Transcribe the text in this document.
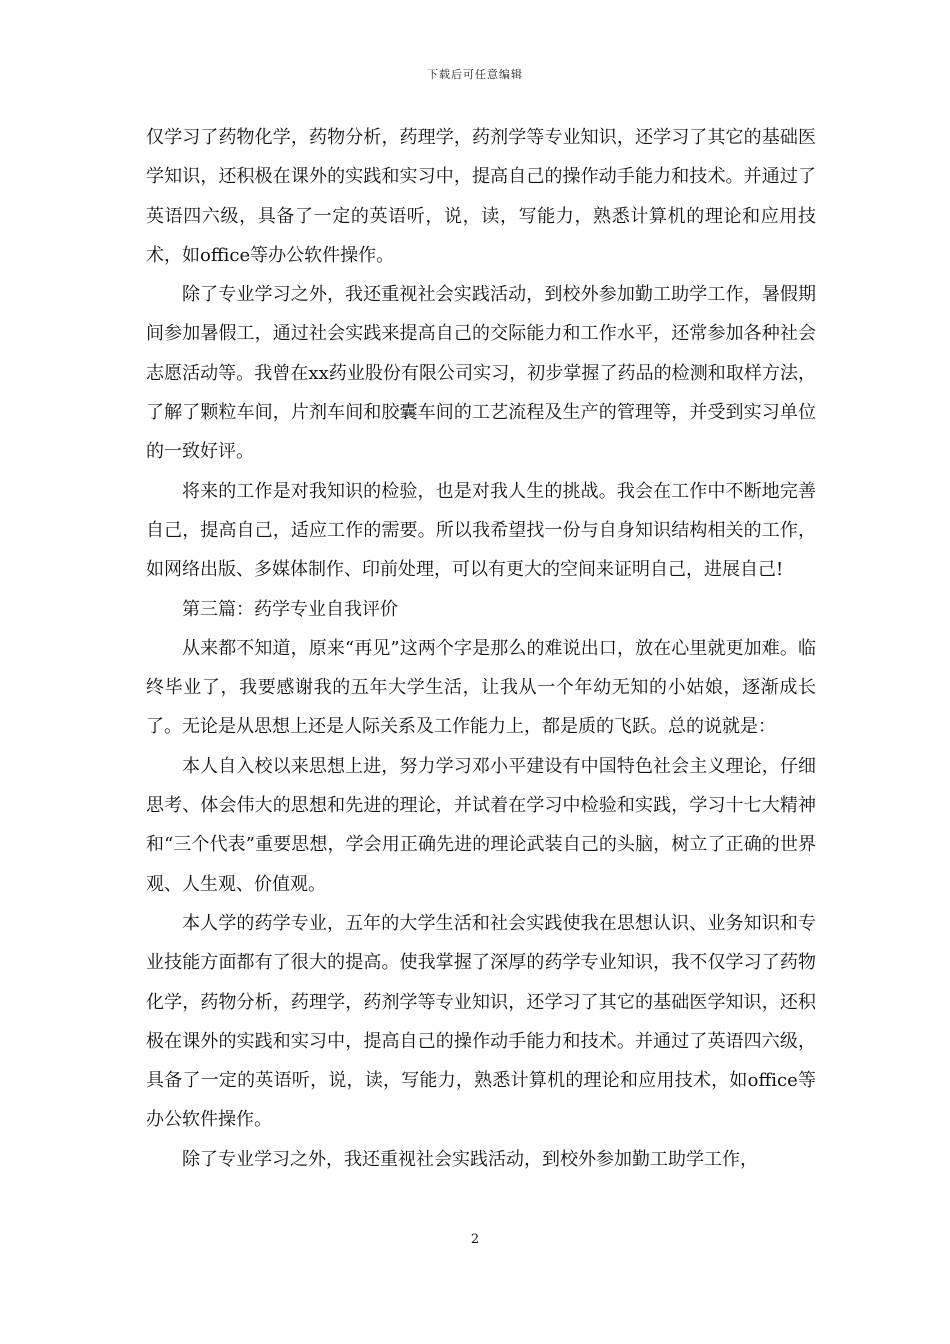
下载后可任意编辑

仅学习了药物化学，药物分析，药理学，药剂学等专业知识，还学习了其它的基础医学知识，还积极在课外的实践和实习中，提高自己的操作动手能力和技术。并通过了英语四六级，具备了一定的英语听，说，读，写能力，熟悉计算机的理论和应用技术，如office等办公软件操作。

除了专业学习之外，我还重视社会实践活动，到校外参加勤工助学工作，暑假期间参加暑假工，通过社会实践来提高自己的交际能力和工作水平，还常参加各种社会志愿活动等。我曾在xx药业股份有限公司实习，初步掌握了药品的检测和取样方法，了解了颗粒车间，片剂车间和胶囊车间的工艺流程及生产的管理等，并受到实习单位的一致好评。

将来的工作是对我知识的检验，也是对我人生的挑战。我会在工作中不断地完善自己，提高自己，适应工作的需要。所以我希望找一份与自身知识结构相关的工作，如网络出版、多媒体制作、印前处理，可以有更大的空间来证明自己，进展自己!

第三篇：药学专业自我评价

从来都不知道，原来“再见”这两个字是那么的难说出口，放在心里就更加难。临终毕业了，我要感谢我的五年大学生活，让我从一个年幼无知的小姑娘，逐渐成长了。无论是从思想上还是人际关系及工作能力上，都是质的飞跃。总的说就是：

本人自入校以来思想上进，努力学习邓小平建设有中国特色社会主义理论，仔细思考、体会伟大的思想和先进的理论，并试着在学习中检验和实践，学习十七大精神和“三个代表”重要思想，学会用正确先进的理论武装自己的头脑，树立了正确的世界观、人生观、价值观。

本人学的药学专业，五年的大学生活和社会实践使我在思想认识、业务知识和专业技能方面都有了很大的提高。使我掌握了深厚的药学专业知识，我不仅学习了药物化学，药物分析，药理学，药剂学等专业知识，还学习了其它的基础医学知识，还积极在课外的实践和实习中，提高自己的操作动手能力和技术。并通过了英语四六级，具备了一定的英语听，说，读，写能力，熟悉计算机的理论和应用技术，如office等办公软件操作。

除了专业学习之外，我还重视社会实践活动，到校外参加勤工助学工作，

2
